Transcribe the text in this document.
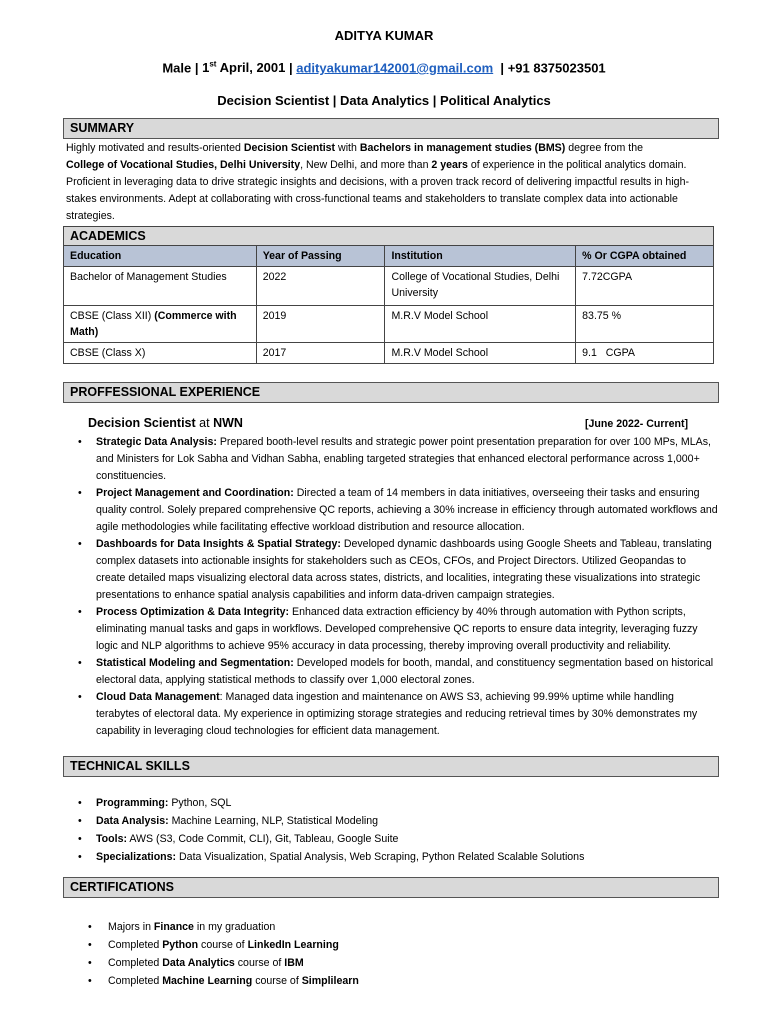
ADITYA KUMAR
Male | 1st April, 2001 | adityakumar142001@gmail.com  | +91 8375023501
Decision Scientist | Data Analytics | Political Analytics
SUMMARY
Highly motivated and results-oriented Decision Scientist with Bachelors in management studies (BMS) degree from the
College of Vocational Studies, Delhi University, New Delhi, and more than 2 years of experience in the political analytics domain.
Proficient in leveraging data to drive strategic insights and decisions, with a proven track record of delivering impactful results in high-stakes environments. Adept at collaborating with cross-functional teams and stakeholders to translate complex data into actionable strategies.
ACADEMICS			
Education	Year of Passing	Institution	% Or CGPA obtained
Bachelor of Management Studies	2022	College of Vocational Studies, Delhi University	7.72CGPA
CBSE (Class XII) (Commerce with Math)	2019	M.R.V Model School	83.75 %
CBSE (Class X)	2017	M.R.V Model School	9.1   CGPA
PROFFESSIONAL EXPERIENCE
Decision Scientist at NWN	[June 2022- Current]
• Strategic Data Analysis: Prepared booth-level results and strategic power point presentation preparation for over 100 MPs, MLAs, and Ministers for Lok Sabha and Vidhan Sabha, enabling targeted strategies that enhanced electoral performance across 1,000+ constituencies.
• Project Management and Coordination: Directed a team of 14 members in data initiatives, overseeing their tasks and ensuring quality control. Solely prepared comprehensive QC reports, achieving a 30% increase in efficiency through automated workflows and agile methodologies while facilitating effective workload distribution and resource allocation.
• Dashboards for Data Insights & Spatial Strategy: Developed dynamic dashboards using Google Sheets and Tableau, translating complex datasets into actionable insights for stakeholders such as CEOs, CFOs, and Project Directors. Utilized Geopandas to create detailed maps visualizing electoral data across states, districts, and localities, integrating these visualizations into strategic presentations to enhance spatial analysis capabilities and inform data-driven campaign strategies.
• Process Optimization & Data Integrity: Enhanced data extraction efficiency by 40% through automation with Python scripts, eliminating manual tasks and gaps in workflows. Developed comprehensive QC reports to ensure data integrity, leveraging fuzzy logic and NLP algorithms to achieve 95% accuracy in data processing, thereby improving overall productivity and reliability.
• Statistical Modeling and Segmentation: Developed models for booth, mandal, and constituency segmentation based on historical electoral data, applying statistical methods to classify over 1,000 electoral zones.
• Cloud Data Management: Managed data ingestion and maintenance on AWS S3, achieving 99.99% uptime while handling terabytes of electoral data. My experience in optimizing storage strategies and reducing retrieval times by 30% demonstrates my capability in leveraging cloud technologies for efficient data management.
TECHNICAL SKILLS
• Programming: Python, SQL
• Data Analysis: Machine Learning, NLP, Statistical Modeling
• Tools: AWS (S3, Code Commit, CLI), Git, Tableau, Google Suite
• Specializations: Data Visualization, Spatial Analysis, Web Scraping, Python Related Scalable Solutions
CERTIFICATIONS
• Majors in Finance in my graduation
• Completed Python course of LinkedIn Learning
• Completed Data Analytics course of IBM
• Completed Machine Learning course of Simplilearn
